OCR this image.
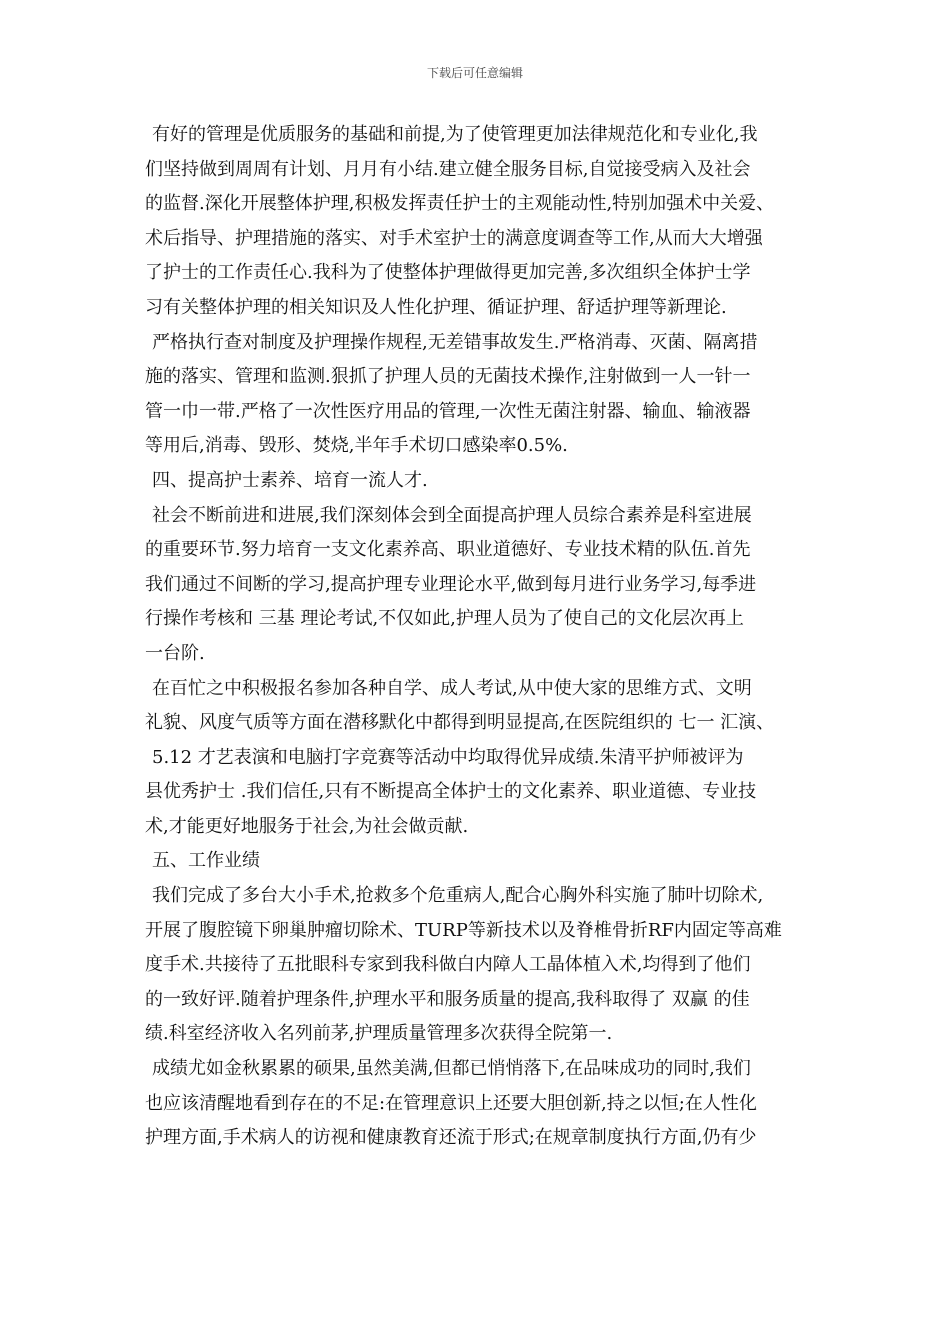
下载后可任意编辑
有好的管理是优质服务的基础和前提,为了使管理更加法律规范化和专业化,我
们坚持做到周周有计划、月月有小结.建立健全服务目标,自觉接受病入及社会
的监督.深化开展整体护理,积极发挥责任护士的主观能动性,特别加强术中关爱、
术后指导、护理措施的落实、对手术室护士的满意度调查等工作,从而大大增强
了护士的工作责任心.我科为了使整体护理做得更加完善,多次组织全体护士学
习有关整体护理的相关知识及人性化护理、循证护理、舒适护理等新理论.
严格执行查对制度及护理操作规程,无差错事故发生.严格消毒、灭菌、隔离措
施的落实、管理和监测.狠抓了护理人员的无菌技术操作,注射做到一人一针一
管一巾一带.严格了一次性医疗用品的管理,一次性无菌注射器、输血、输液器
等用后,消毒、毁形、焚烧,半年手术切口感染率0.5%.
四、提高护士素养、培育一流人才.
社会不断前进和进展,我们深刻体会到全面提高护理人员综合素养是科室进展
的重要环节.努力培育一支文化素养高、职业道德好、专业技术精的队伍.首先
我们通过不间断的学习,提高护理专业理论水平,做到每月进行业务学习,每季进
行操作考核和 三基 理论考试,不仅如此,护理人员为了使自己的文化层次再上
一台阶.
在百忙之中积极报名参加各种自学、成人考试,从中使大家的思维方式、文明
礼貌、风度气质等方面在潜移默化中都得到明显提高,在医院组织的 七一 汇演、
5.12 才艺表演和电脑打字竞赛等活动中均取得优异成绩.朱清平护师被评为
县优秀护士 .我们信任,只有不断提高全体护士的文化素养、职业道德、专业技
术,才能更好地服务于社会,为社会做贡献.
五、工作业绩
我们完成了多台大小手术,抢救多个危重病人,配合心胸外科实施了肺叶切除术,
开展了腹腔镜下卵巢肿瘤切除术、TURP等新技术以及脊椎骨折RF内固定等高难
度手术.共接待了五批眼科专家到我科做白内障人工晶体植入术,均得到了他们
的一致好评.随着护理条件,护理水平和服务质量的提高,我科取得了 双赢 的佳
绩.科室经济收入名列前茅,护理质量管理多次获得全院第一.
成绩尤如金秋累累的硕果,虽然美满,但都已悄悄落下,在品味成功的同时,我们
也应该清醒地看到存在的不足:在管理意识上还要大胆创新,持之以恒;在人性化
护理方面,手术病人的访视和健康教育还流于形式;在规章制度执行方面,仍有少
